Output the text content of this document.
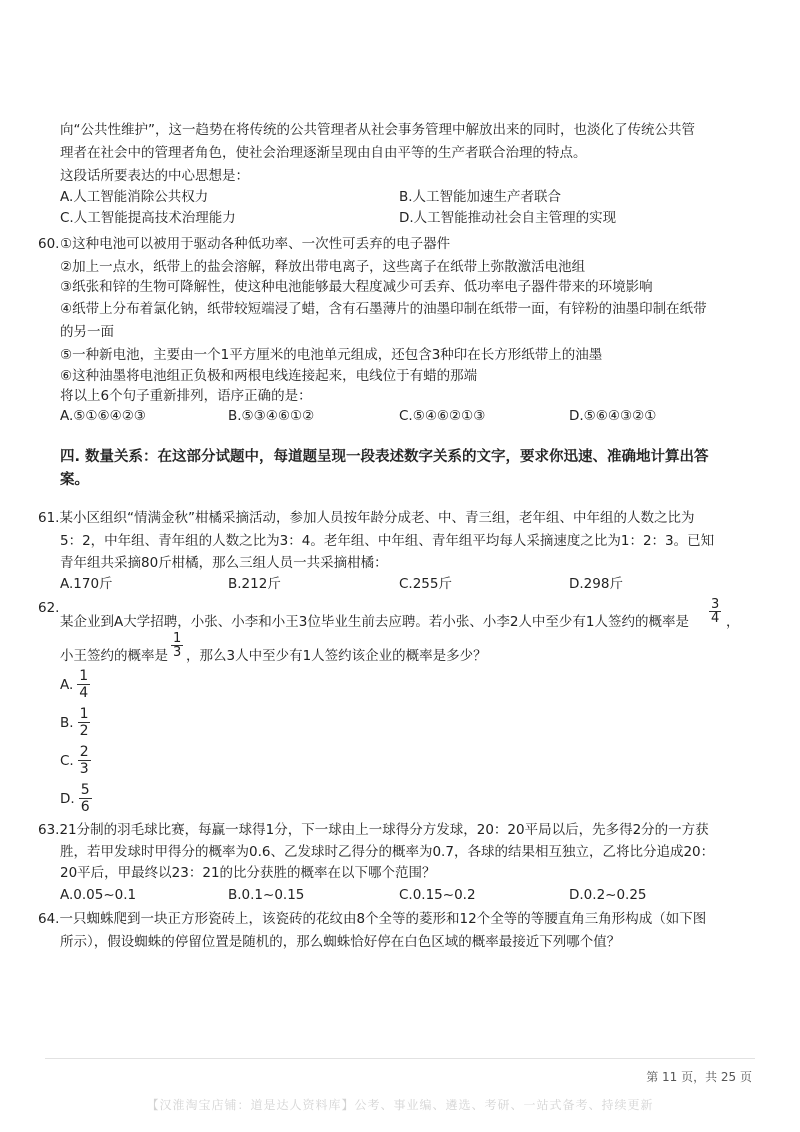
向“公共性维护”，这一趋势在将传统的公共管理者从社会事务管理中解放出来的同时，也淡化了传统公共管
理者在社会中的管理者角色，使社会治理逐渐呈现由自由平等的生产者联合治理的特点。
这段话所要表达的中心思想是：
A.人工智能消除公共权力	B.人工智能加速生产者联合
C.人工智能提高技术治理能力	D.人工智能推动社会自主管理的实现
60. ①这种电池可以被用于驱动各种低功率、一次性可丢弃的电子器件
②加上一点水，纸带上的盐会溶解，释放出带电离子，这些离子在纸带上弥散激活电池组
③纸张和锌的生物可降解性，使这种电池能够最大程度减少可丢弃、低功率电子器件带来的环境影响
④纸带上分布着氯化钠，纸带较短端浸了蜡，含有石墨薄片的油墨印制在纸带一面，有锌粉的油墨印制在纸带
的另一面
⑤一种新电池，主要由一个1平方厘米的电池单元组成，还包含3种印在长方形纸带上的油墨
⑥这种油墨将电池组正负极和两根电线连接起来，电线位于有蜡的那端
将以上6个句子重新排列，语序正确的是：
A.⑤①⑥④②③	B.⑤③④⑥①②	C.⑤④⑥②①③	D.⑤⑥④③②①
四. 数量关系：在这部分试题中，每道题呈现一段表述数字关系的文字，要求你迅速、准确地计算出答
案。
61.某小区组织“情满金秋”柑橘采摘活动，参加人员按年龄分成老、中、青三组，老年组、中年组的人数之比为
5：2，中年组、青年组的人数之比为3：4。老年组、中年组、青年组平均每人采摘速度之比为1：2：3。已知
青年组共采摘80斤柑橘，那么三组人员一共采摘柑橘：
A.170斤	B.212斤	C.255斤	D.298斤
62.
某企业到A大学招聘，小张、小李和小王3位毕业生前去应聘。若小张、小李2人中至少有1人签约的概率是 $\frac{3}{4}$ ，
小王签约的概率是 $\frac{1}{3}$ ，那么3人中至少有1人签约该企业的概率是多少？
A. $\frac{1}{4}$
B. $\frac{1}{2}$
C. $\frac{2}{3}$
D. $\frac{5}{6}$
63.21分制的羽毛球比赛，每赢一球得1分，下一球由上一球得分方发球，20：20平局以后，先多得2分的一方获
胜，若甲发球时甲得分的概率为0.6、乙发球时乙得分的概率为0.7，各球的结果相互独立，乙将比分追成20：
20平后，甲最终以23：21的比分获胜的概率在以下哪个范围？
A.0.05~0.1	B.0.1~0.15	C.0.15~0.2	D.0.2~0.25
64.一只蜘蛛爬到一块正方形瓷砖上，该瓷砖的花纹由8个全等的菱形和12个全等的等腰直角三角形构成（如下图
所示），假设蜘蛛的停留位置是随机的，那么蜘蛛恰好停在白色区域的概率最接近下列哪个值？
第 11 页，共 25 页
【汉淮淘宝店铺：道是达人资料库】公考、事业编、遴选、考研、一站式备考、持续更新
